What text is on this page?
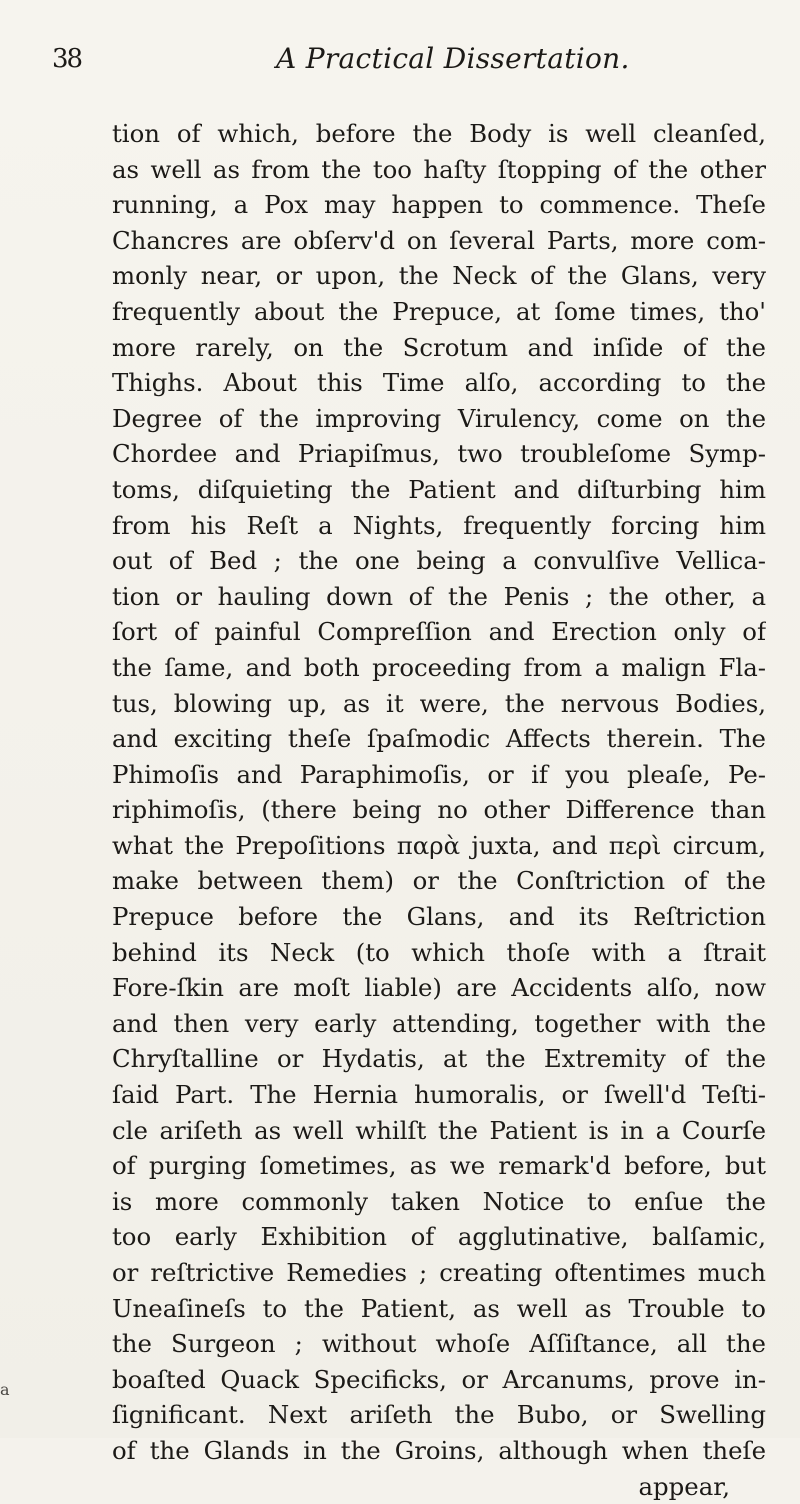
38	A Practical Dissertation.
tion of which, before the Body is well cleanſed,
as well as from the too haſty ſtopping of the other
running, a Pox may happen to commence. Theſe
Chancres are obſerv'd on ſeveral Parts, more com-
monly near, or upon, the Neck of the Glans, very
frequently about the Prepuce, at ſome times, tho'
more rarely, on the Scrotum and inſide of the
Thighs. About this Time alſo, according to the
Degree of the improving Virulency, come on the
Chordee and Priapiſmus, two troubleſome Symp-
toms, diſquieting the Patient and diſturbing him
from his Reſt a Nights, frequently forcing him
out of Bed ; the one being a convulſive Vellica-
tion or hauling down of the Penis ; the other, a
ſort of painful Compreſſion and Erection only of
the ſame, and both proceeding from a malign Fla-
tus, blowing up, as it were, the nervous Bodies,
and exciting theſe ſpaſmodic Affects therein. The
Phimoſis and Paraphimoſis, or if you pleaſe, Pe-
riphimoſis, (there being no other Difference than
what the Prepoſitions παρὰ juxta, and περὶ circum,
make between them) or the Conſtriction of the
Prepuce before the Glans, and its Reſtriction
behind its Neck (to which thoſe with a ſtrait
Fore-ſkin are moſt liable) are Accidents alſo, now
and then very early attending, together with the
Chryſtalline or Hydatis, at the Extremity of the
ſaid Part. The Hernia humoralis, or ſwell'd Teſti-
cle ariſeth as well whilſt the Patient is in a Courſe
of purging ſometimes, as we remark'd before, but
is more commonly taken Notice to enſue the
too early Exhibition of agglutinative, balſamic,
or reſtrictive Remedies ; creating oftentimes much
Uneaſineſs to the Patient, as well as Trouble to
the Surgeon ; without whoſe Aſſiſtance, all the
boaſted Quack Specificks, or Arcanums, prove in-
ſignificant. Next ariſeth the Bubo, or Swelling
of the Glands in the Groins, although when theſe
appear,
a
